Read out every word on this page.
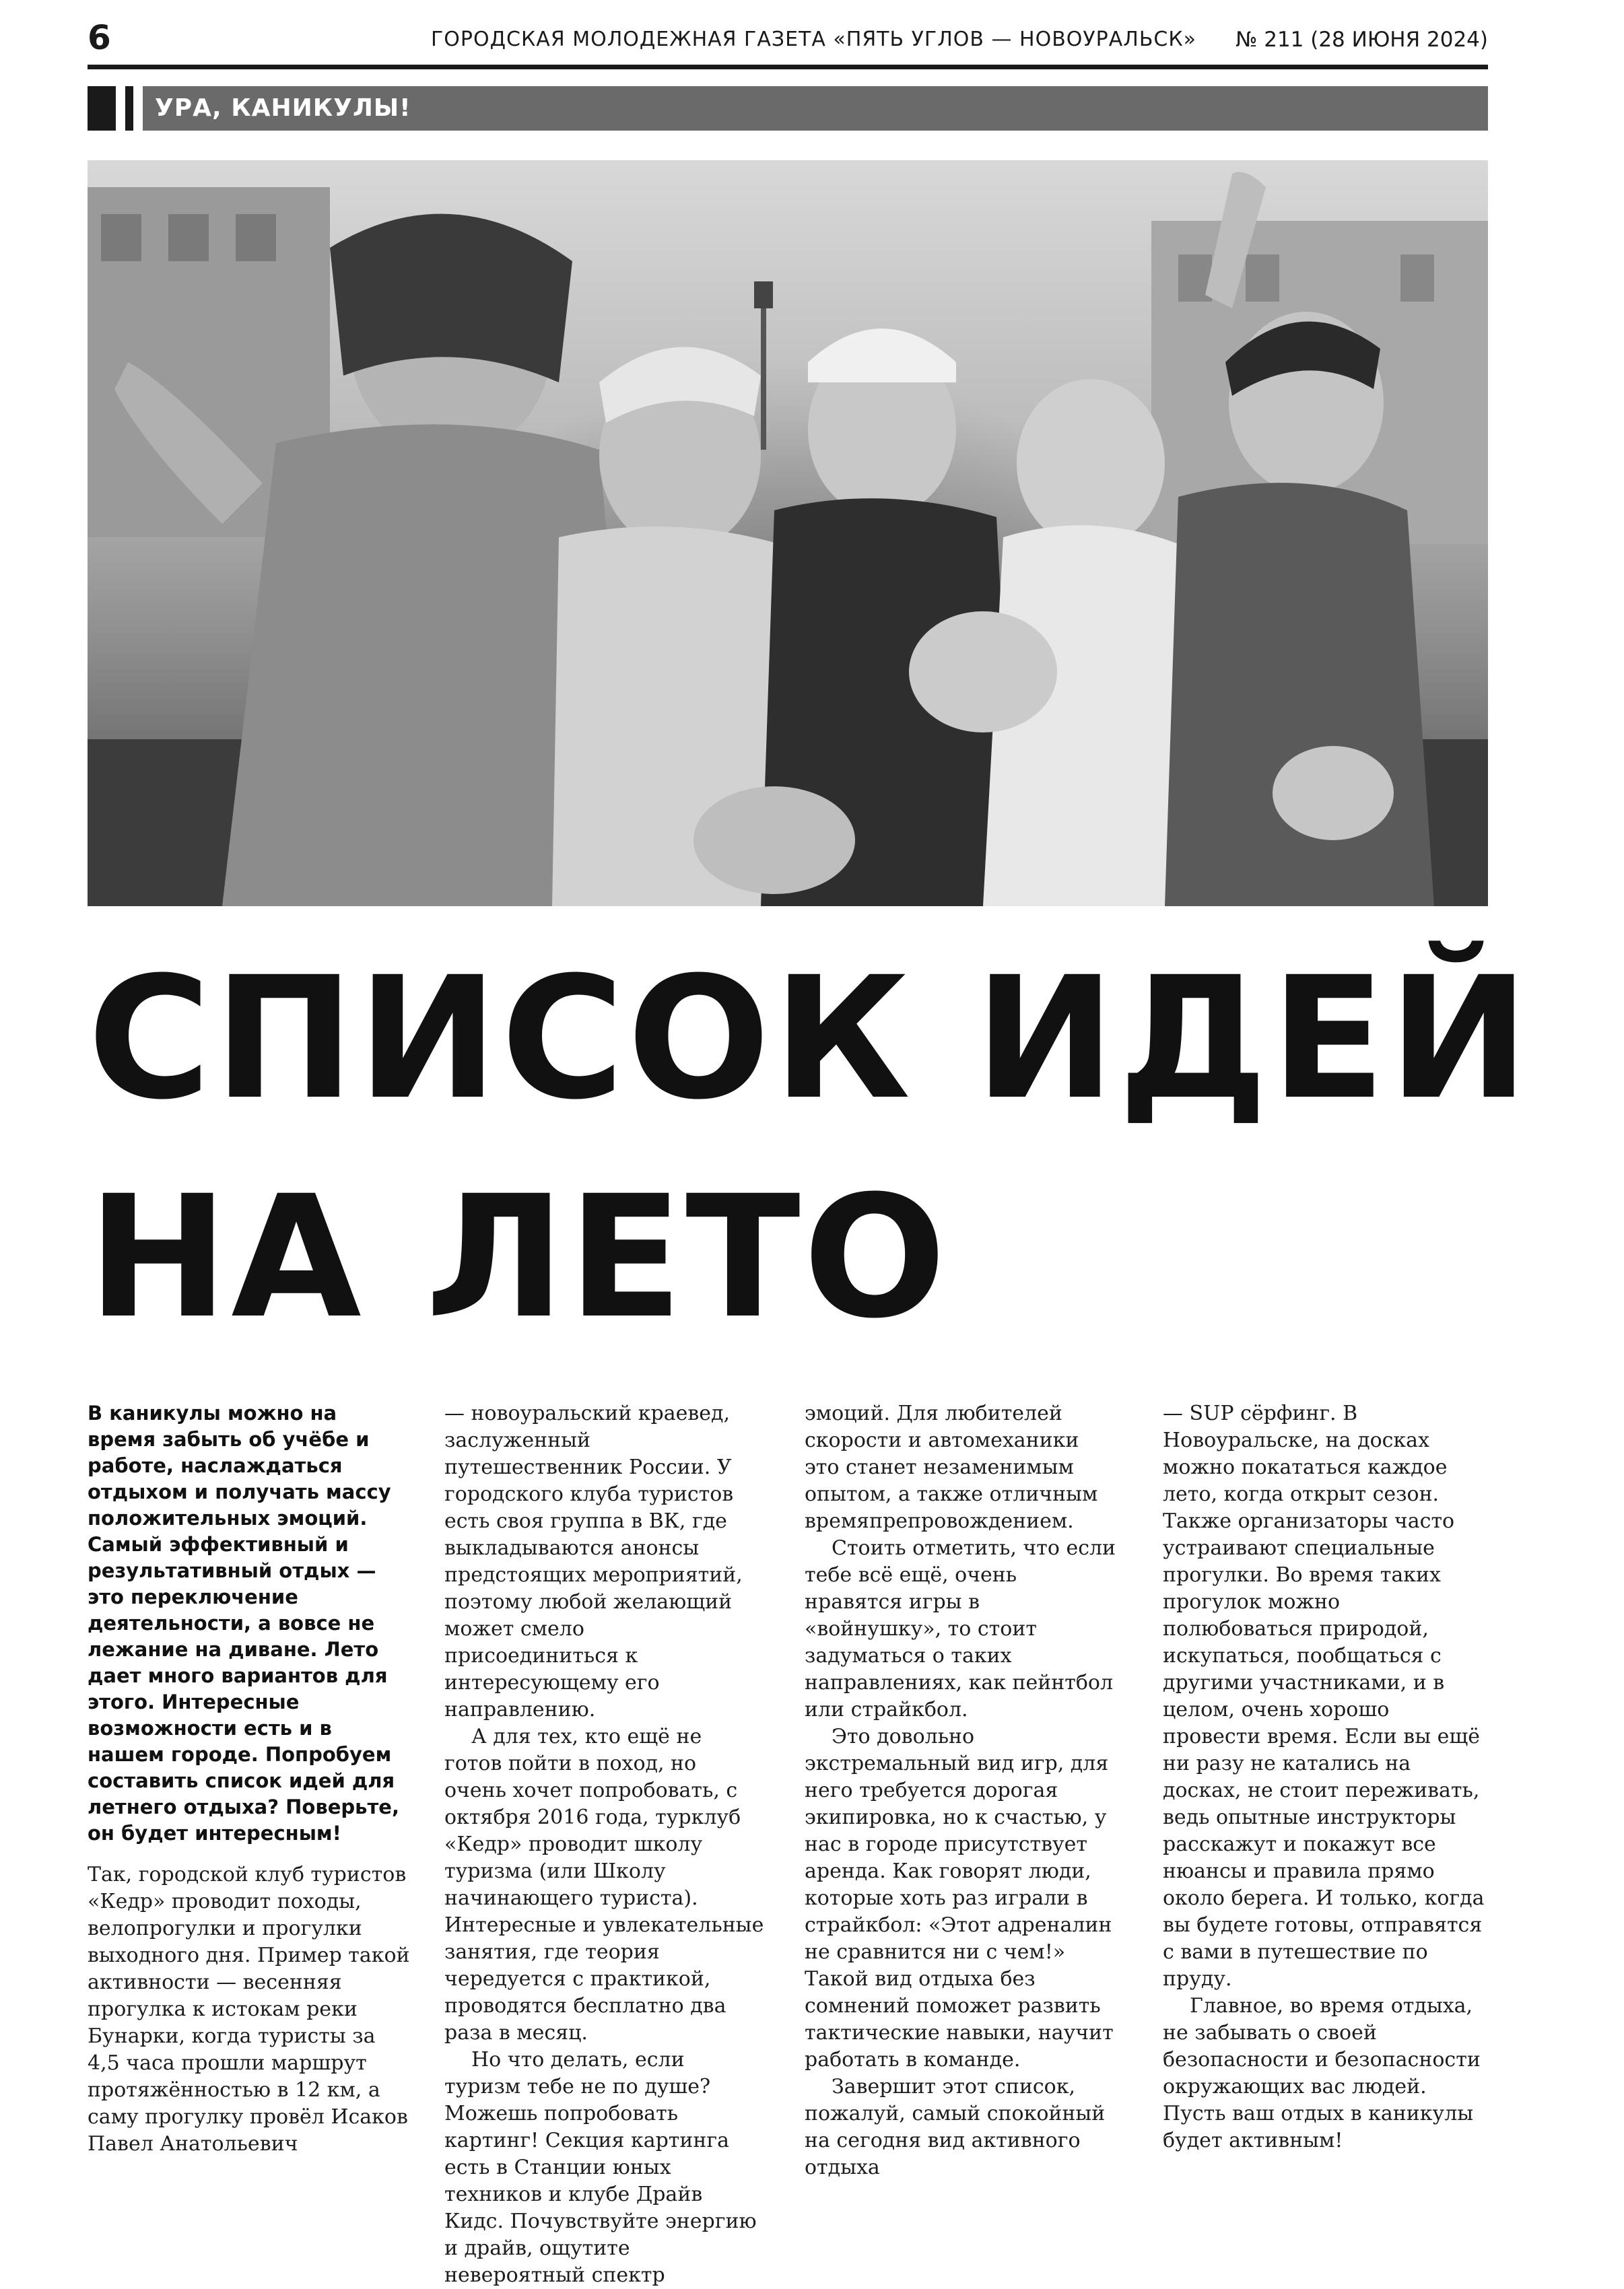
6	ГОРОДСКАЯ МОЛОДЕЖНАЯ ГАЗЕТА «ПЯТЬ УГЛОВ — НОВОУРАЛЬСК» № 211 (28 ИЮНЯ 2024)
УРА, КАНИКУЛЫ!
СПИСОК ИДЕЙ
НА ЛЕТО

В каникулы можно на время забыть об учёбе и работе, наслаждаться отдыхом и получать массу положительных эмоций. Самый эффективный и результативный отдых — это переключение деятельности, а вовсе не лежание на диване. Лето дает много вариантов для этого. Интересные возможности есть и в нашем городе. Попробуем составить список идей для летнего отдыха? Поверьте, он будет интересным!

Так, городской клуб туристов «Кедр» проводит походы, велопрогулки и прогулки выходного дня. Пример такой активности — весенняя прогулка к истокам реки Бунарки, когда туристы за 4,5 часа прошли маршрут протяжённостью в 12 км, а саму прогулку провёл Исаков Павел Анатольевич

— новоуральский краевед, заслуженный путешественник России. У городского клуба туристов есть своя группа в ВК, где выкладываются анонсы предстоящих мероприятий, поэтому любой желающий может смело присоединиться к интересующему его направлению.

А для тех, кто ещё не готов пойти в поход, но очень хочет попробовать, с октября 2016 года, турклуб «Кедр» проводит школу туризма (или Школу начинающего туриста). Интересные и увлекательные занятия, где теория чередуется с практикой, проводятся бесплатно два раза в месяц.

Но что делать, если туризм тебе не по душе? Можешь попробовать картинг! Секция картинга есть в Станции юных техников и клубе Драйв Кидс. Почувствуйте энергию и драйв, ощутите невероятный спектр

эмоций. Для любителей скорости и автомеханики это станет незаменимым опытом, а также отличным времяпрепровождением.

Стоить отметить, что если тебе всё ещё, очень нравятся игры в «войнушку», то стоит задуматься о таких направлениях, как пейнтбол или страйкбол.

Это довольно экстремальный вид игр, для него требуется дорогая экипировка, но к счастью, у нас в городе присутствует аренда. Как говорят люди, которые хоть раз играли в страйкбол: «Этот адреналин не сравнится ни с чем!» Такой вид отдыха без сомнений поможет развить тактические навыки, научит работать в команде.

Завершит этот список, пожалуй, самый спокойный на сегодня вид активного отдыха

— SUP сёрфинг. В Новоуральске, на досках можно покататься каждое лето, когда открыт сезон. Также организаторы часто устраивают специальные прогулки. Во время таких прогулок можно полюбоваться природой, искупаться, пообщаться с другими участниками, и в целом, очень хорошо провести время. Если вы ещё ни разу не катались на досках, не стоит переживать, ведь опытные инструкторы расскажут и покажут все нюансы и правила прямо около берега. И только, когда вы будете готовы, отправятся с вами в путешествие по пруду.

Главное, во время отдыха, не забывать о своей безопасности и безопасности окружающих вас людей. Пусть ваш отдых в каникулы будет активным!
